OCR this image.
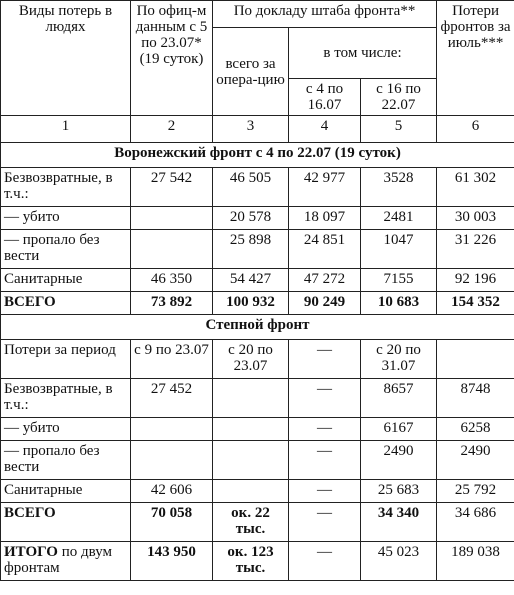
Виды потерь в людях	По офиц-м данным с 5 по 23.07* (19 суток)	По докладу штаба фронта**			Потери фронтов за июль***
		всего за опера-цию	в том числе:		
			с 4 по 16.07	с 16 по 22.07	
1	2	3	4	5	6
Воронежский фронт с 4 по 22.07 (19 суток)					
Безвозвратные, в т.ч.:	27 542	46 505	42 977	3528	61 302
— убито		20 578	18 097	2481	30 003
— пропало без вести		25 898	24 851	1047	31 226
Санитарные	46 350	54 427	47 272	7155	92 196
ВСЕГО	73 892	100 932	90 249	10 683	154 352
Степной фронт					
Потери за период	с 9 по 23.07	с 20 по 23.07	—	с 20 по 31.07	
Безвозвратные, в т.ч.:	27 452		—	8657	8748
— убито			—	6167	6258
— пропало без вести			—	2490	2490
Санитарные	42 606		—	25 683	25 792
ВСЕГО	70 058	ок. 22 тыс.	—	34 340	34 686
ИТОГО по двум фронтам	143 950	ок. 123 тыс.	—	45 023	189 038
